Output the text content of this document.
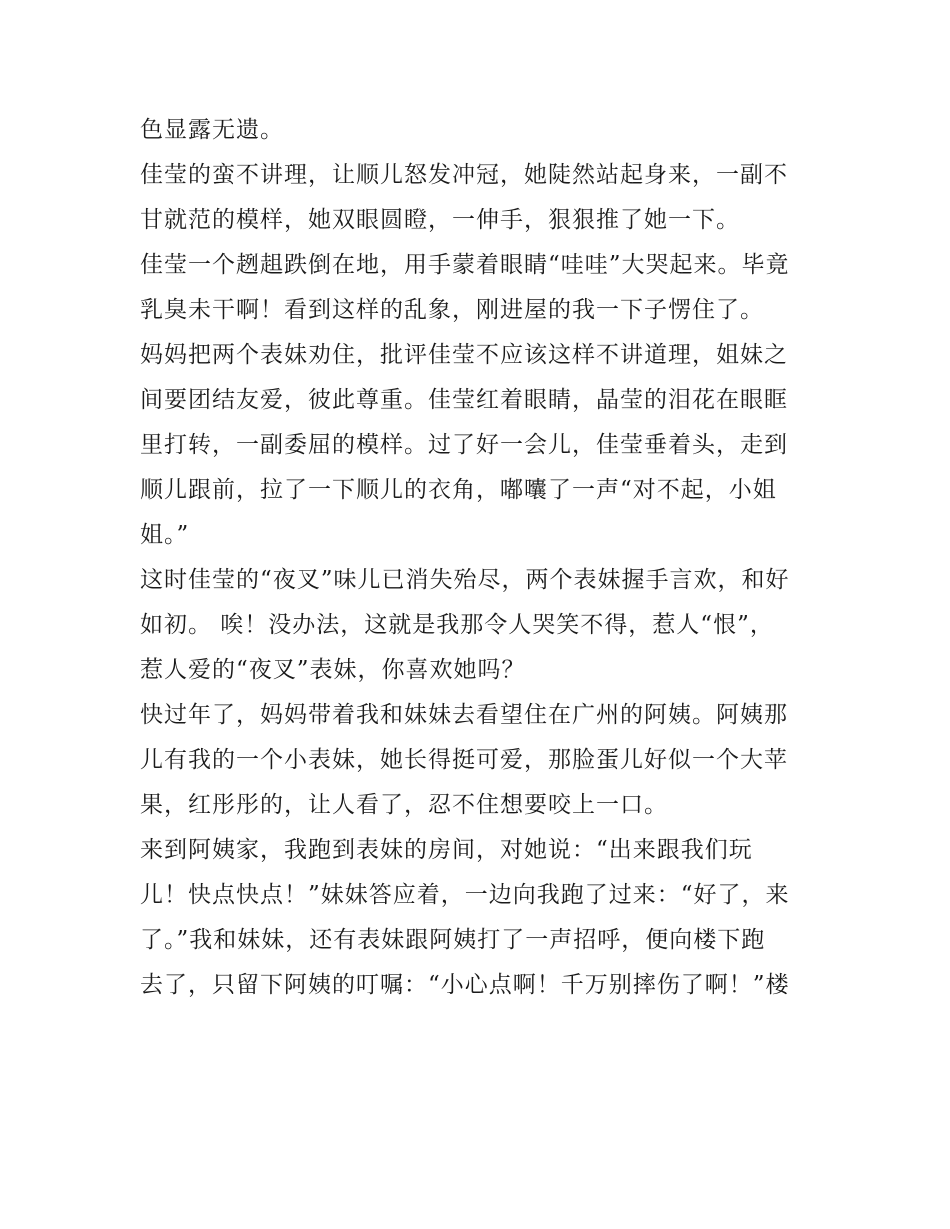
色显露无遗。
佳莹的蛮不讲理，让顺儿怒发冲冠，她陡然站起身来，一副不
甘就范的模样，她双眼圆瞪，一伸手，狠狠推了她一下。
佳莹一个趔趄跌倒在地，用手蒙着眼睛“哇哇”大哭起来。毕竟
乳臭未干啊！看到这样的乱象，刚进屋的我一下子愣住了。
妈妈把两个表妹劝住，批评佳莹不应该这样不讲道理，姐妹之
间要团结友爱，彼此尊重。佳莹红着眼睛，晶莹的泪花在眼眶
里打转，一副委屈的模样。过了好一会儿，佳莹垂着头，走到
顺儿跟前，拉了一下顺儿的衣角，嘟囔了一声“对不起，小姐
姐。”
这时佳莹的“夜叉”味儿已消失殆尽，两个表妹握手言欢，和好
如初。 唉！没办法，这就是我那令人哭笑不得，惹人“恨”，
惹人爱的“夜叉”表妹，你喜欢她吗？
快过年了，妈妈带着我和妹妹去看望住在广州的阿姨。阿姨那
儿有我的一个小表妹，她长得挺可爱，那脸蛋儿好似一个大苹
果，红彤彤的，让人看了，忍不住想要咬上一口。
来到阿姨家，我跑到表妹的房间，对她说：“出来跟我们玩
儿！快点快点！”妹妹答应着，一边向我跑了过来：“好了，来
了。”我和妹妹，还有表妹跟阿姨打了一声招呼，便向楼下跑
去了，只留下阿姨的叮嘱：“小心点啊！千万别摔伤了啊！”楼
